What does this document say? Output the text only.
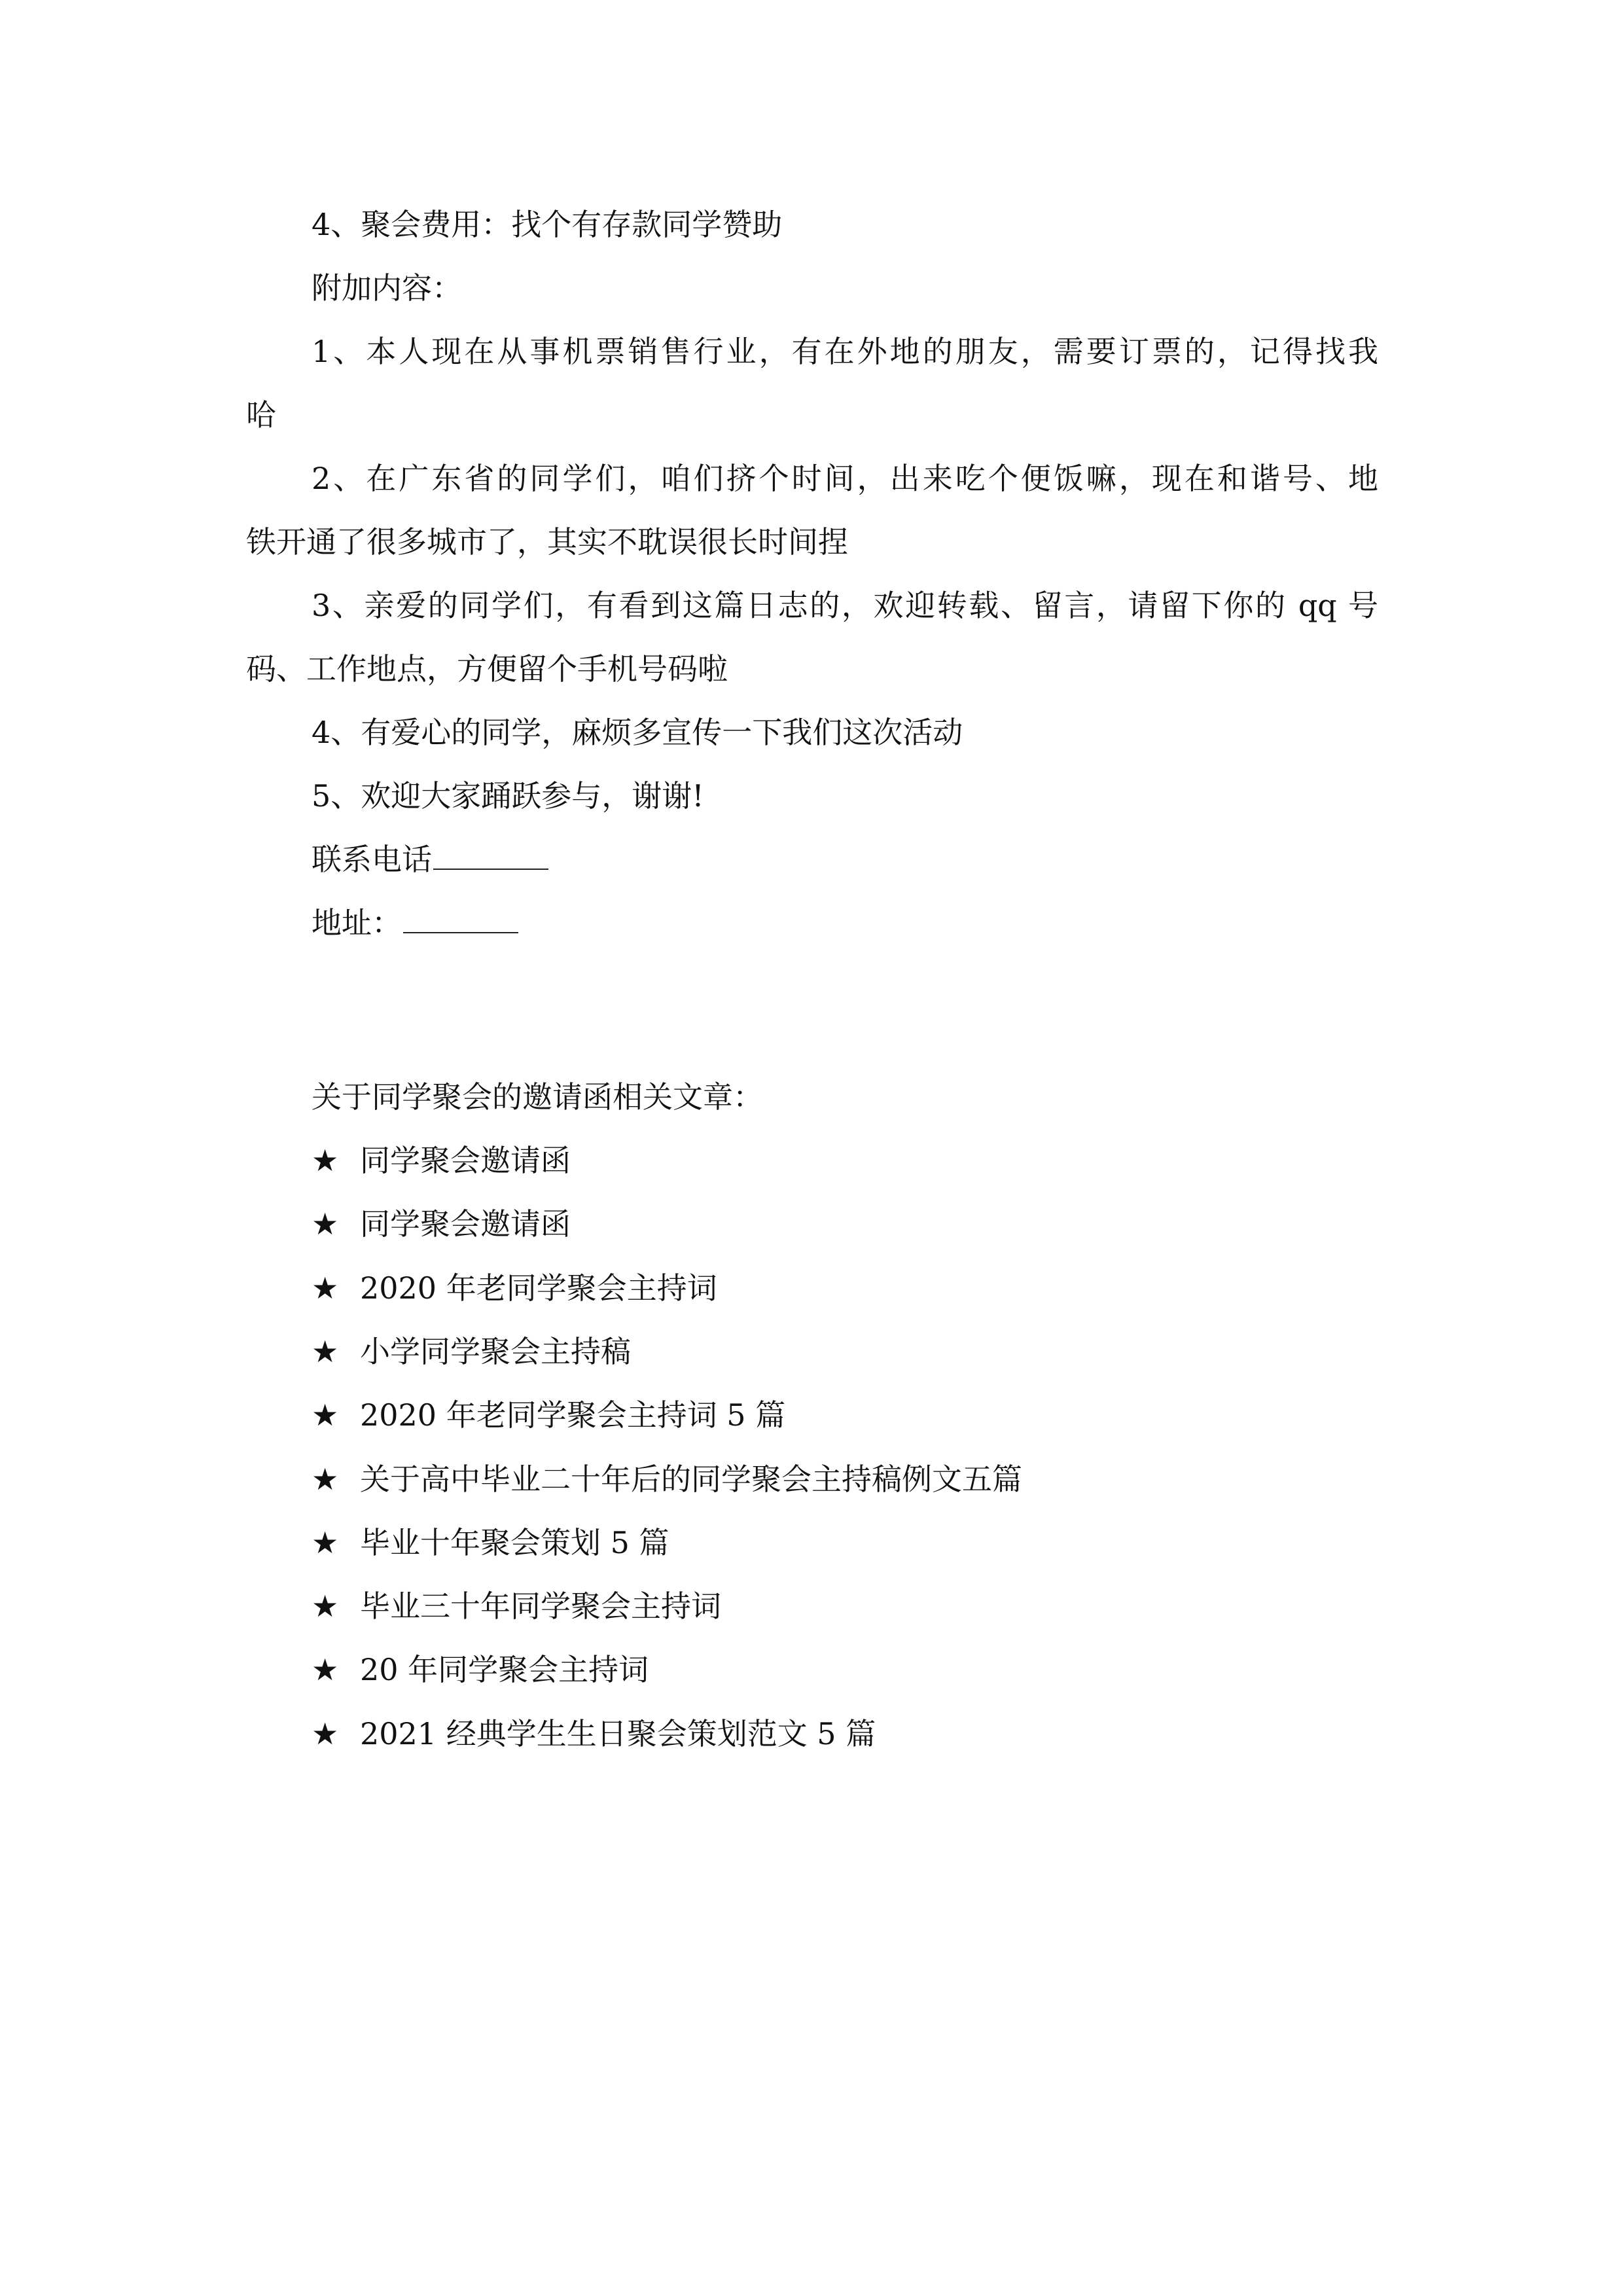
4、聚会费用：找个有存款同学赞助
附加内容：
1、本人现在从事机票销售行业，有在外地的朋友，需要订票的，记得找我
哈
2、在广东省的同学们，咱们挤个时间，出来吃个便饭嘛，现在和谐号、地
铁开通了很多城市了，其实不耽误很长时间捏
3、亲爱的同学们，有看到这篇日志的，欢迎转载、留言，请留下你的 qq 号
码、工作地点，方便留个手机号码啦
4、有爱心的同学，麻烦多宣传一下我们这次活动
5、欢迎大家踊跃参与，谢谢!
联系电话
地址：
关于同学聚会的邀请函相关文章：
★ 同学聚会邀请函
★ 同学聚会邀请函
★ 2020 年老同学聚会主持词
★ 小学同学聚会主持稿
★ 2020 年老同学聚会主持词 5 篇
★ 关于高中毕业二十年后的同学聚会主持稿例文五篇
★ 毕业十年聚会策划 5 篇
★ 毕业三十年同学聚会主持词
★ 20 年同学聚会主持词
★ 2021 经典学生生日聚会策划范文 5 篇
